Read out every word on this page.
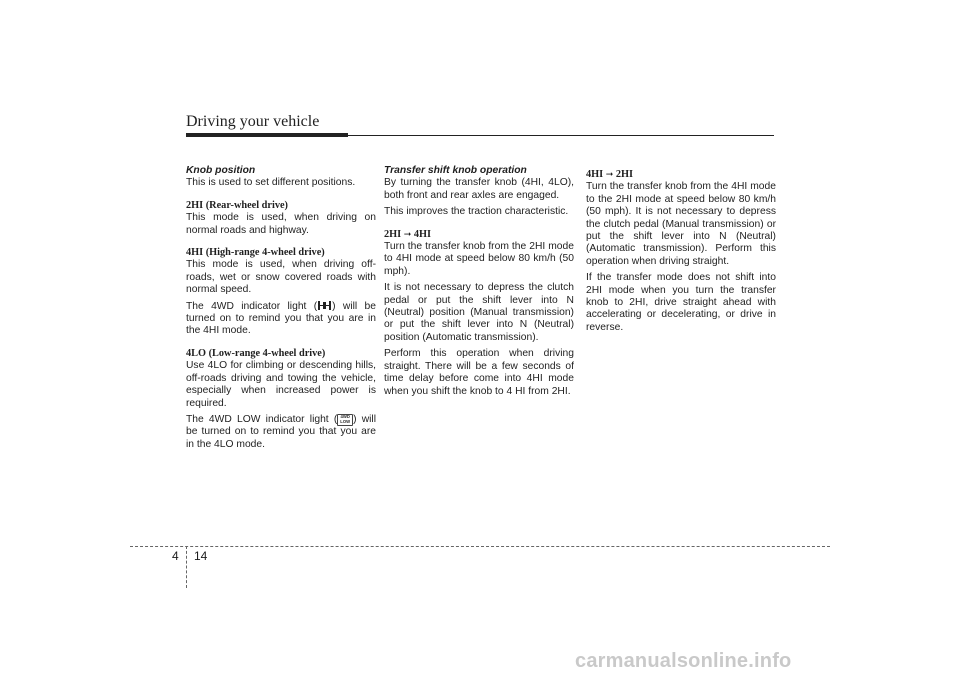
Driving your vehicle
Knob position

This is used to set different positions.

2HI (Rear-wheel drive)

This mode is used, when driving on normal roads and highway.

4HI (High-range 4-wheel drive)

This mode is used, when driving off-roads, wet or snow covered roads with normal speed.

The 4WD indicator light ( ) will be turned on to remind you that you are in the 4HI mode.

4LO (Low-range 4-wheel drive)

Use 4LO for climbing or descending hills, off-roads driving and towing the vehicle, especially when increased power is required.

The 4WD LOW indicator light ( 4WD
LOW ) will be turned on to remind you that you are in the 4LO mode.

Transfer shift knob operation

By turning the transfer knob (4HI, 4LO), both front and rear axles are engaged.

This improves the traction characteristic.

2HI ➞ 4HI

Turn the transfer knob from the 2HI mode to 4HI mode at speed below 80 km/h (50 mph).

It is not necessary to depress the clutch pedal or put the shift lever into N (Neutral) position (Manual transmission) or put the shift lever into N (Neutral) position (Automatic transmission).

Perform this operation when driving straight. There will be a few seconds of time delay before come into 4HI mode when you shift the knob to 4 HI from 2HI.

4HI ➞ 2HI

Turn the transfer knob from the 4HI mode to the 2HI mode at speed below 80 km/h (50 mph). It is not necessary to depress the clutch pedal (Manual transmission) or put the shift lever into N (Neutral) (Automatic transmission). Perform this operation when driving straight.

If the transfer mode does not shift into 2HI mode when you turn the transfer knob to 2HI, drive straight ahead with accelerating or decelerating, or drive in reverse.

4 14
carmanualsonline.info
